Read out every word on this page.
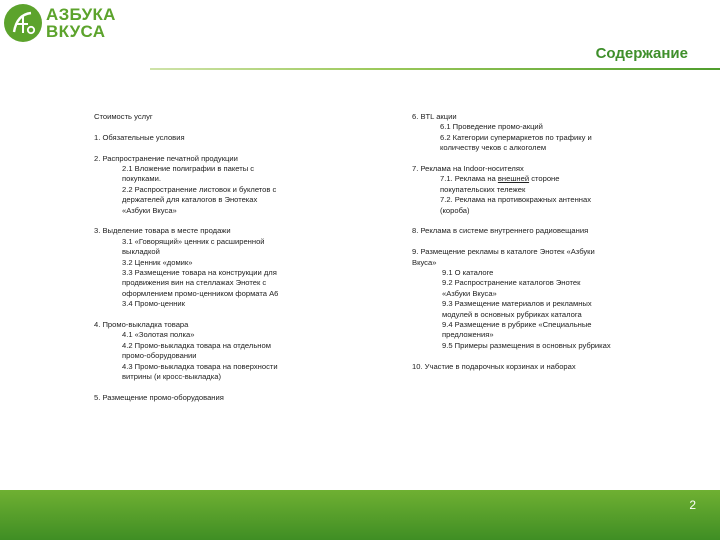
АЗБУКА
ВКУСА
Содержание
Стоимость услуг
1. Обязательные условия
2. Распространение печатной продукции
2.1 Вложение полиграфии в пакеты с
покупками.
2.2 Распространение листовок и буклетов с
держателей для каталогов в Энотеках
«Азбуки Вкуса»
3. Выделение товара в месте продажи
3.1 «Говорящий» ценник с расширенной
выкладкой
3.2 Ценник «домик»
3.3 Размещение товара на конструкции для
продвижения вин на стеллажах Энотек с
оформлением промо-ценником формата А6
3.4 Промо-ценник
4. Промо-выкладка товара
4.1 «Золотая полка»
4.2 Промо-выкладка товара на отдельном
промо-оборудовании
4.3 Промо-выкладка товара на поверхности
витрины (и кросс-выкладка)
5. Размещение промо-оборудования
6. BTL акции
6.1 Проведение промо-акций
6.2 Категории супермаркетов по трафику и
количеству чеков с алкоголем
7. Реклама на Indoor-носителях
7.1. Реклама на внешней стороне
покупательских тележек
7.2. Реклама на противокражных антеннах
(короба)
8. Реклама в системе внутреннего радиовещания
9. Размещение рекламы в каталоге Энотек «Азбуки
Вкуса»
9.1 О каталоге
9.2 Распространение каталогов Энотек
«Азбуки Вкуса»
9.3 Размещение материалов и рекламных
модулей в основных рубриках каталога
9.4 Размещение в рубрике «Специальные
предложения»
9.5 Примеры размещения в основных рубриках
10. Участие в подарочных корзинах и наборах
2
